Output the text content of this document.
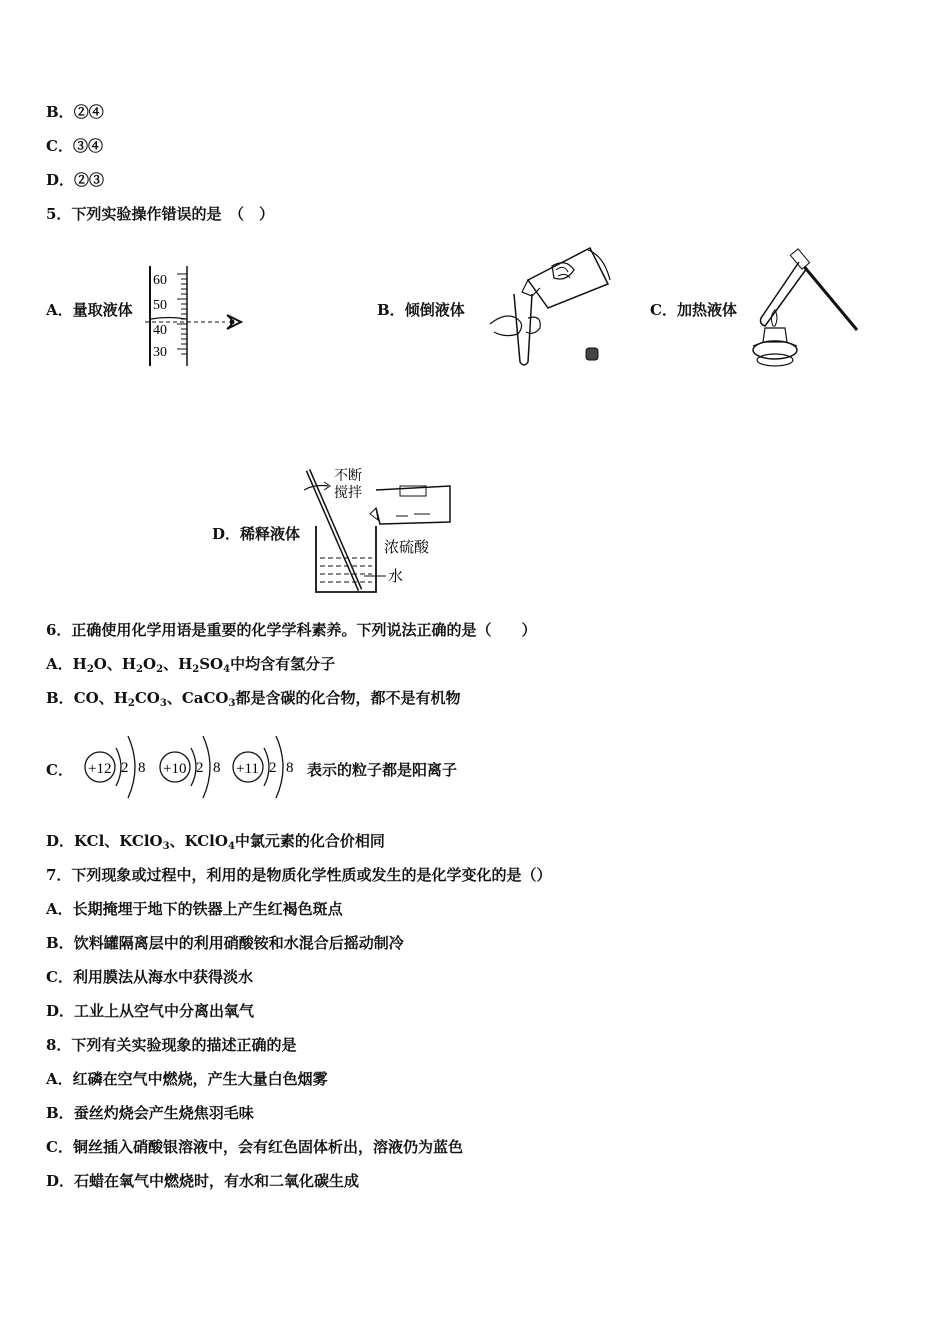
B．②④
C．③④
D．②③
5．下列实验操作错误的是　（　）
A．量取液体
60
50
40
30
B．倾倒液体	C．加热液体
D．稀释液体
不断
搅拌
浓硫酸
水
6．正确使用化学用语是重要的化学学科素养。下列说法正确的是（　　）
A．$H_2O$、$H_2O_2$、$H_2SO_4$中均含有氢分子
B．CO、$H_2CO_3$、CaCO$_3$都是含碳的化合物，都不是有机物
C． +12 2 8 +10 2 8 +11 2 8 表示的粒子都是阳离子
D．KCl、KClO$_3$、KClO$_4$中氯元素的化合价相同
7．下列现象或过程中，利用的是物质化学性质或发生的是化学变化的是（）
A．长期掩埋于地下的铁器上产生红褐色斑点
B．饮料罐隔离层中的利用硝酸铵和水混合后摇动制冷
C．利用膜法从海水中获得淡水
D．工业上从空气中分离出氧气
8．下列有关实验现象的描述正确的是
A．红磷在空气中燃烧，产生大量白色烟雾
B．蚕丝灼烧会产生烧焦羽毛味
C．铜丝插入硝酸银溶液中，会有红色固体析出，溶液仍为蓝色
D．石蜡在氧气中燃烧时，有水和二氧化碳生成
